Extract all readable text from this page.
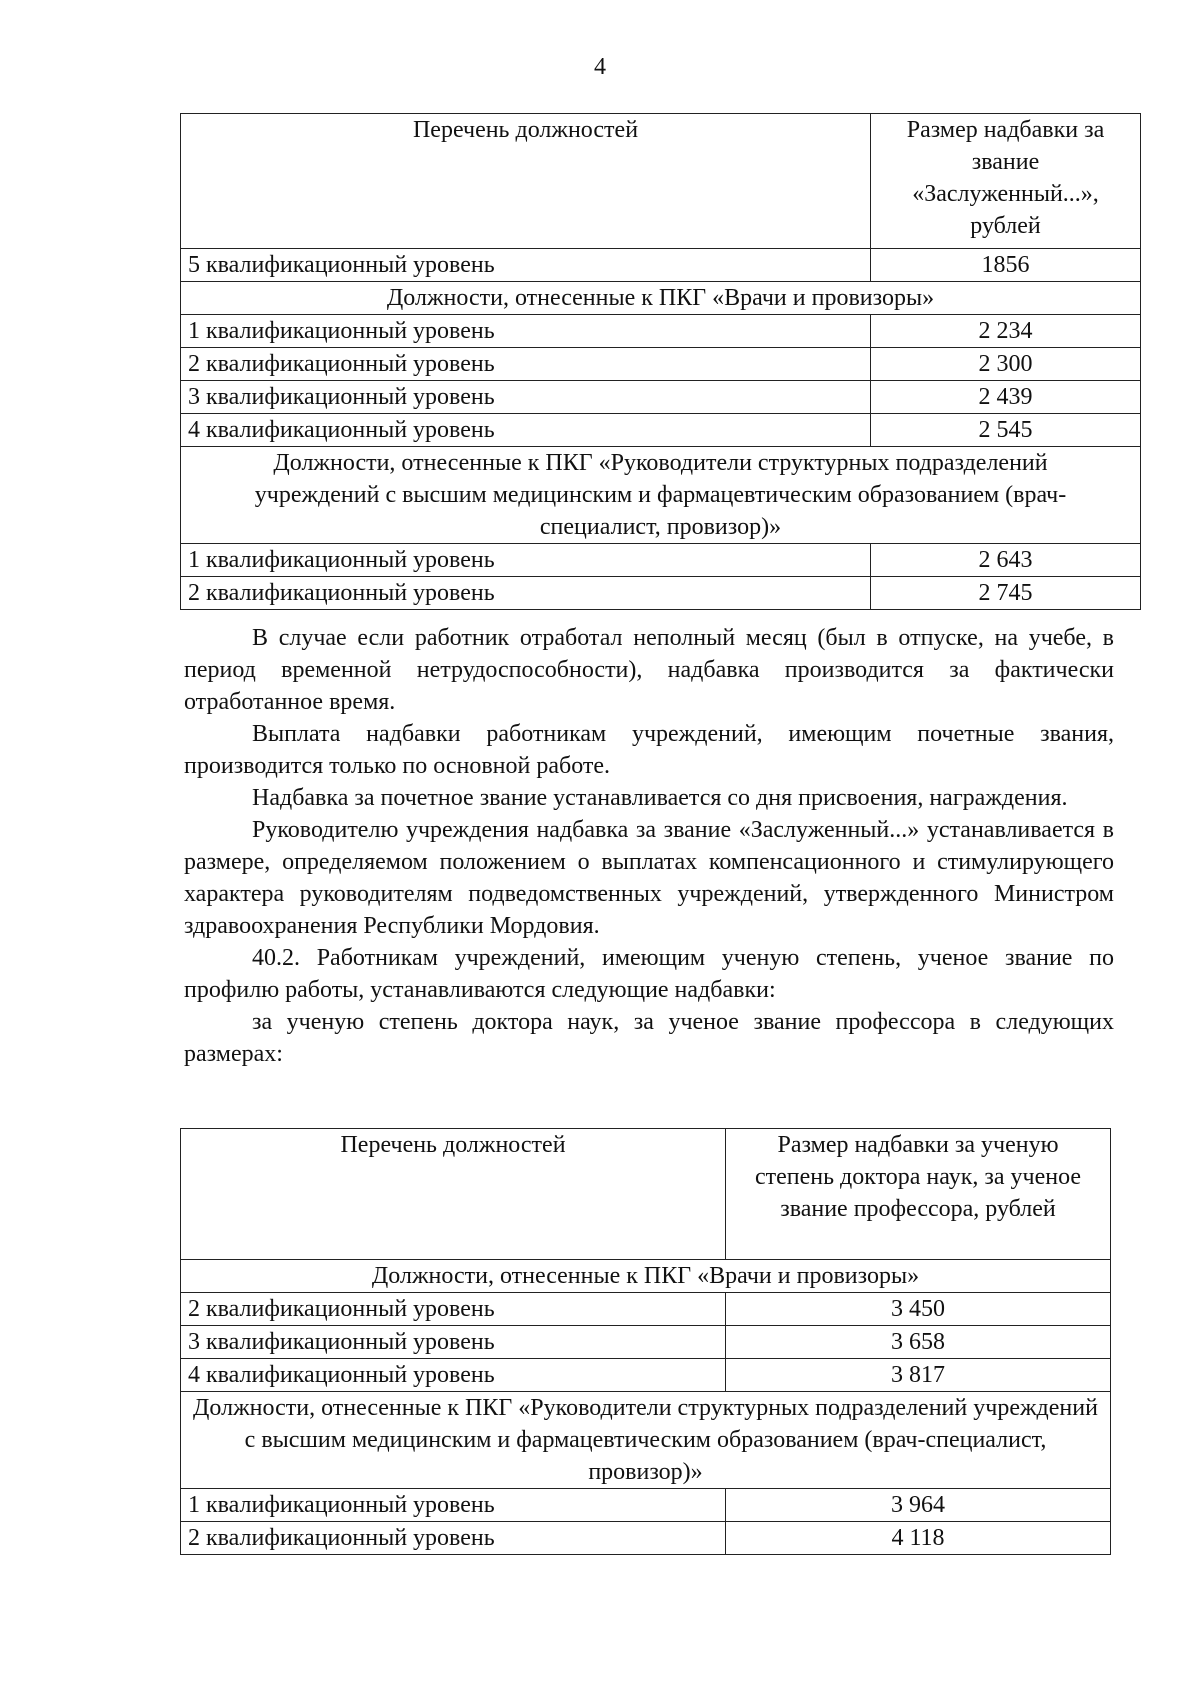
4
Перечень должностей	Размер надбавки за звание «Заслуженный...», рублей
5 квалификационный уровень	1856
Должности, отнесенные к ПКГ «Врачи и провизоры»	
1 квалификационный уровень	2 234
2 квалификационный уровень	2 300
3 квалификационный уровень	2 439
4 квалификационный уровень	2 545
Должности, отнесенные к ПКГ «Руководители структурных подразделений учреждений с высшим медицинским и фармацевтическим образованием (врач-специалист, провизор)»	
1 квалификационный уровень	2 643
2 квалификационный уровень	2 745

В случае если работник отработал неполный месяц (был в отпуске, на учебе, в период временной нетрудоспособности), надбавка производится за фактически отработанное время.

Выплата надбавки работникам учреждений, имеющим почетные звания, производится только по основной работе.

Надбавка за почетное звание устанавливается со дня присвоения, награждения.

Руководителю учреждения надбавка за звание «Заслуженный...» устанавливается в размере, определяемом положением о выплатах компенсационного и стимулирующего характера руководителям подведомственных учреждений, утвержденного Министром здравоохранения Республики Мордовия.

40.2. Работникам учреждений, имеющим ученую степень, ученое звание по профилю работы, устанавливаются следующие надбавки:

за ученую степень доктора наук, за ученое звание профессора в следующих размерах:

Перечень должностей	Размер надбавки за ученую степень доктора наук, за ученое звание профессора, рублей
Должности, отнесенные к ПКГ «Врачи и провизоры»	
2 квалификационный уровень	3 450
3 квалификационный уровень	3 658
4 квалификационный уровень	3 817
Должности, отнесенные к ПКГ «Руководители структурных подразделений учреждений с высшим медицинским и фармацевтическим образованием (врач-специалист, провизор)»	
1 квалификационный уровень	3 964
2 квалификационный уровень	4 118
